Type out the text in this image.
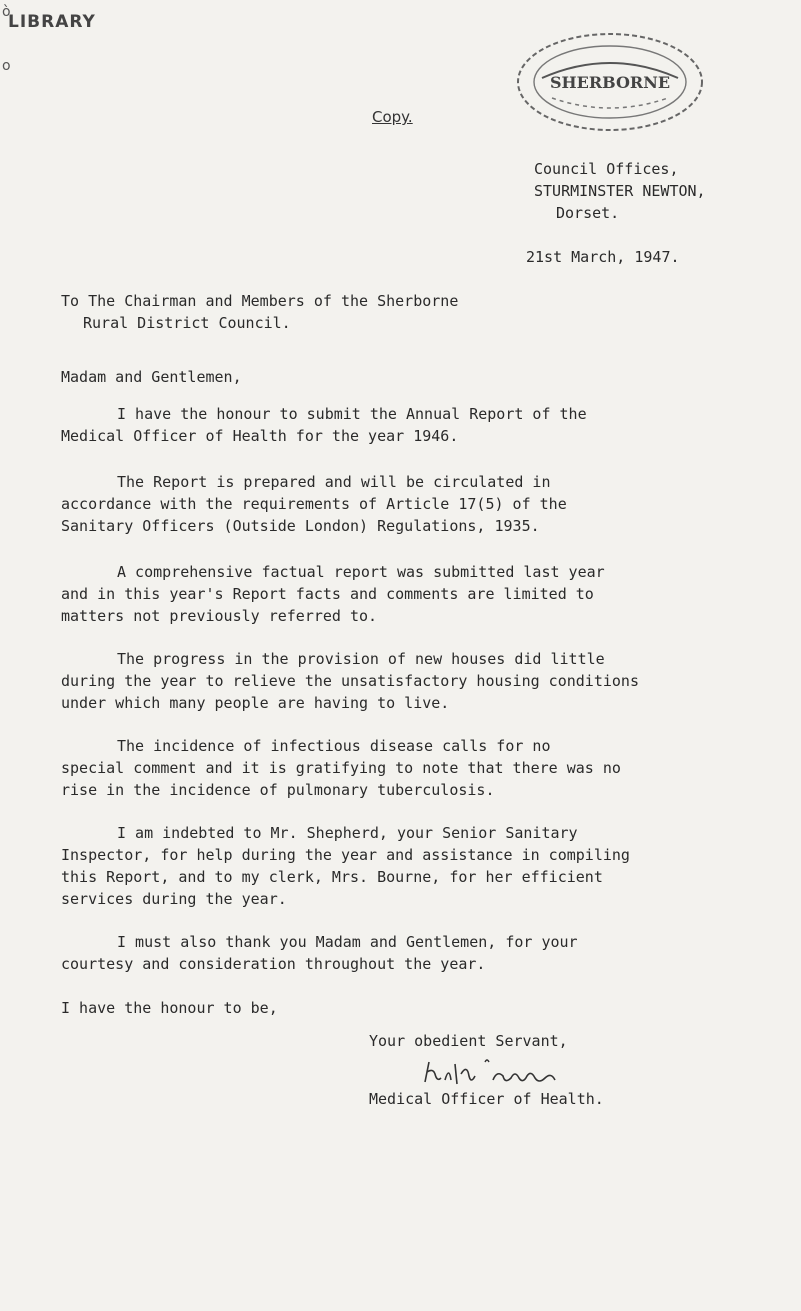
LIBRARY
ò
o
Copy.
SHERBORNE
Council Offices,
STURMINSTER NEWTON,
Dorset.
21st March, 1947.
To The Chairman and Members of the Sherborne
Rural District Council.
Madam and Gentlemen,
I have the honour to submit the Annual Report of the
Medical Officer of Health for the year 1946.
The Report is prepared and will be circulated in
accordance with the requirements of Article 17(5) of the
Sanitary Officers (Outside London) Regulations, 1935.
A comprehensive factual report was submitted last year
and in this year's Report facts and comments are limited to
matters not previously referred to.
The progress in the provision of new houses did little
during the year to relieve the unsatisfactory housing conditions
under which many people are having to live.
The incidence of infectious disease calls for no
special comment and it is gratifying to note that there was no
rise in the incidence of pulmonary tuberculosis.
I am indebted to Mr. Shepherd, your Senior Sanitary
Inspector, for help during the year and assistance in compiling
this Report, and to my clerk, Mrs. Bourne, for her efficient
services during the year.
I must also thank you Madam and Gentlemen, for your
courtesy and consideration throughout the year.
I have the honour to be,
Your obedient Servant,
Medical Officer of Health.
